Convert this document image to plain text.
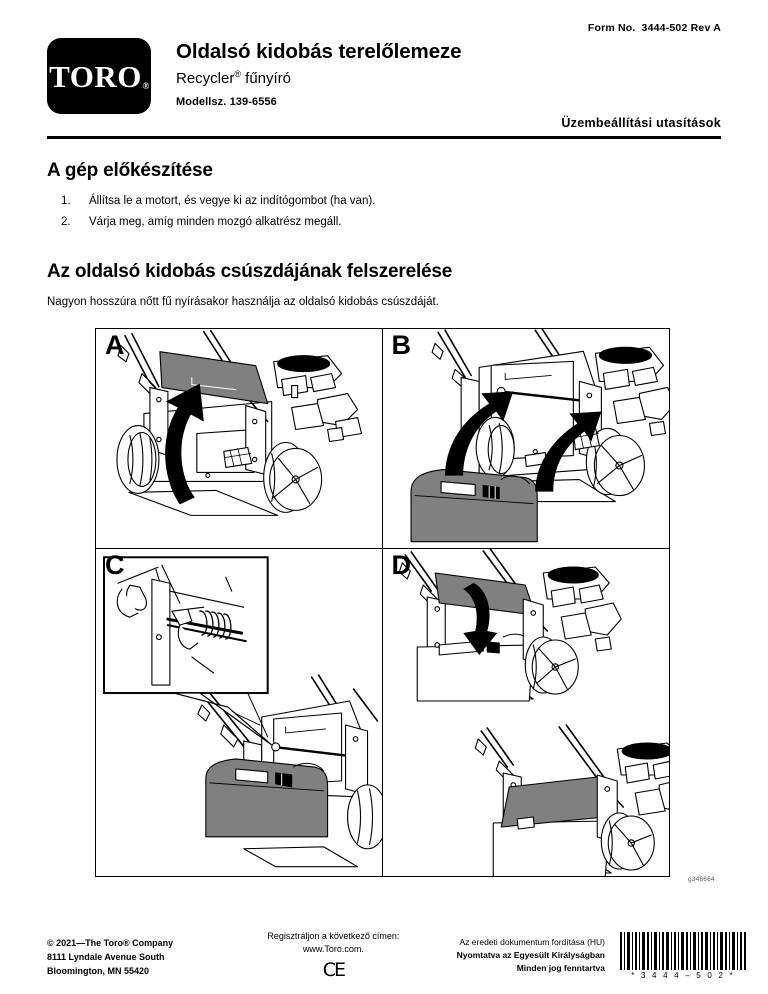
Form No. 3444-502 Rev A
TORO ®
Oldalsó kidobás terelőlemeze
Recycler® fűnyíró
Modellsz. 139-6556
Üzembeállítási utasítások
A gép előkészítése
Állítsa le a motort, és vegye ki az indítógombot (ha van).
Várja meg, amíg minden mozgó alkatrész megáll.
Az oldalsó kidobás csúszdájának felszerelése

Nagyon hosszúra nőtt fű nyírásakor használja az oldalsó kidobás csúszdáját.

A	B
C	D
g346664
© 2021—The Toro® Company
8111 Lyndale Avenue South
Bloomington, MN 55420
Regisztráljon a következő címen:
www.Toro.com.
CE
Az eredeti dokumentum fordítása (HU)
Nyomtatva az Egyesült Királyságban
Minden jog fenntartva
* 3 4 4 4 – 5 0 2 *
